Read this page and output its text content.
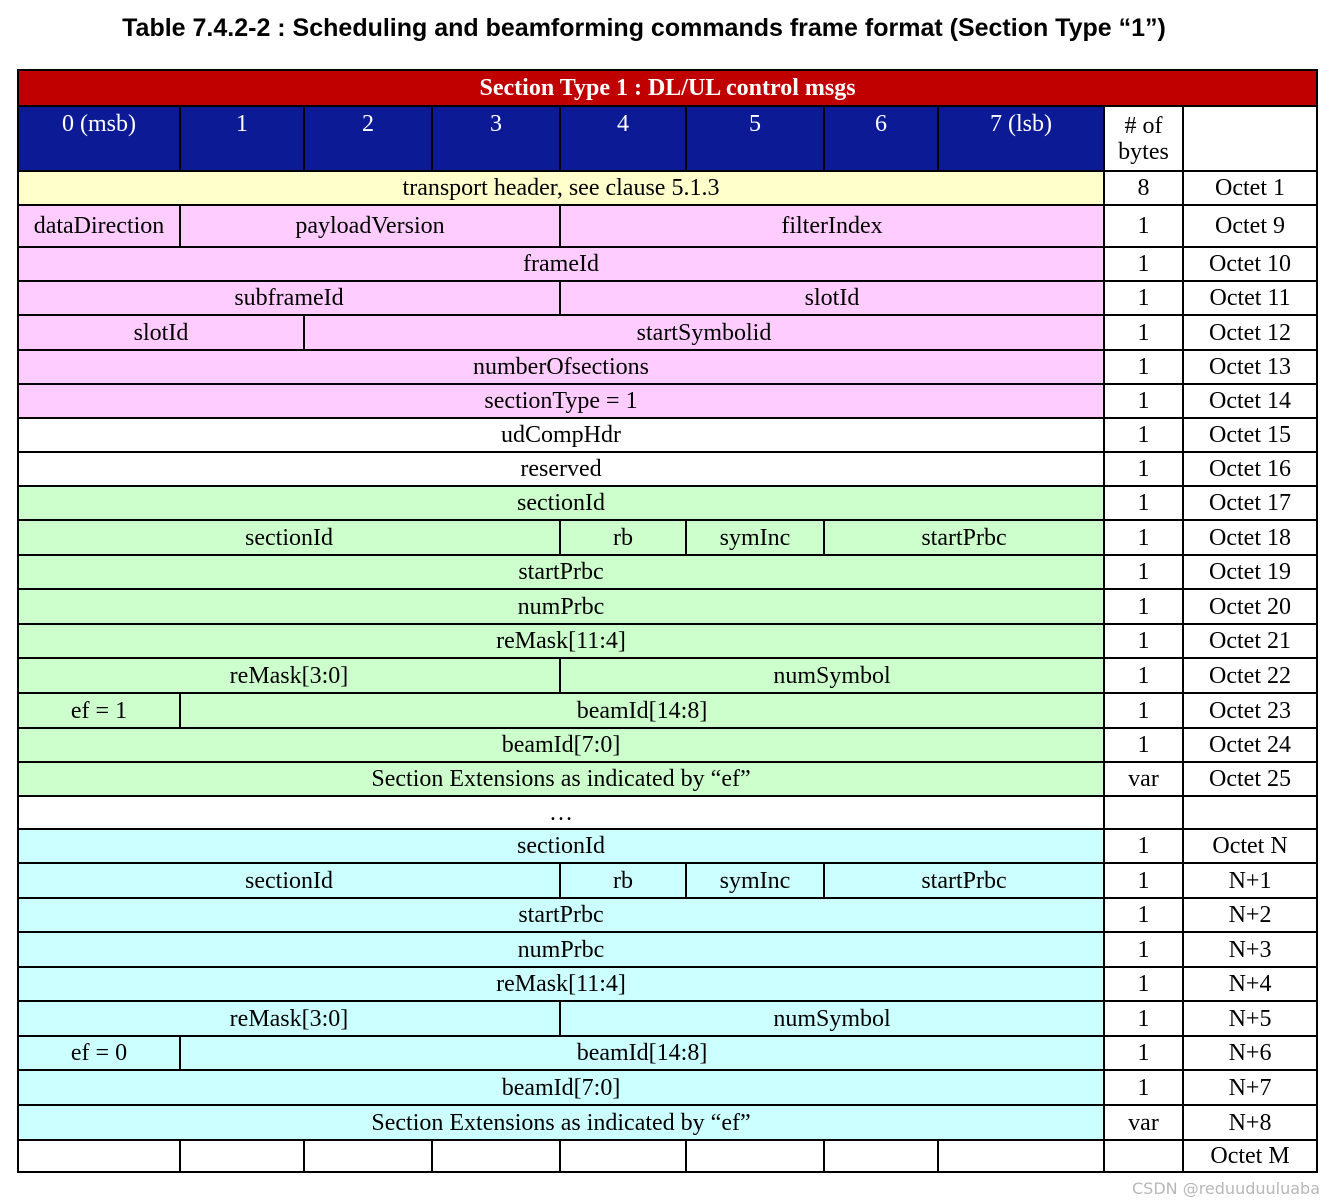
Table 7.4.2-2 : Scheduling and beamforming commands frame format (Section Type “1”)
Section Type 1 : DL/UL control msgs									
0 (msb)	1	2	3	4	5	6	7 (lsb)	# of
bytes	

transport header, see clause 5.1.3								8	Octet 1
dataDirection	payloadVersion			filterIndex				1	Octet 9
frameId								1	Octet 10
subframeId				slotId				1	Octet 11
slotId		startSymbolid						1	Octet 12
numberOfsections								1	Octet 13
sectionType = 1								1	Octet 14
udCompHdr								1	Octet 15
reserved								1	Octet 16
sectionId								1	Octet 17
sectionId				rb	symInc	startPrbc		1	Octet 18
startPrbc								1	Octet 19
numPrbc								1	Octet 20
reMask[11:4]								1	Octet 21
reMask[3:0]				numSymbol				1	Octet 22
ef = 1	beamId[14:8]							1	Octet 23
beamId[7:0]								1	Octet 24
Section Extensions as indicated by “ef”								var	Octet 25
…									
sectionId								1	Octet N
sectionId				rb	symInc	startPrbc		1	N+1
startPrbc								1	N+2
numPrbc								1	N+3
reMask[11:4]								1	N+4
reMask[3:0]				numSymbol				1	N+5
ef = 0	beamId[14:8]							1	N+6
beamId[7:0]								1	N+7
Section Extensions as indicated by “ef”								var	N+8
									Octet M
CSDN @reduuduuluaba
